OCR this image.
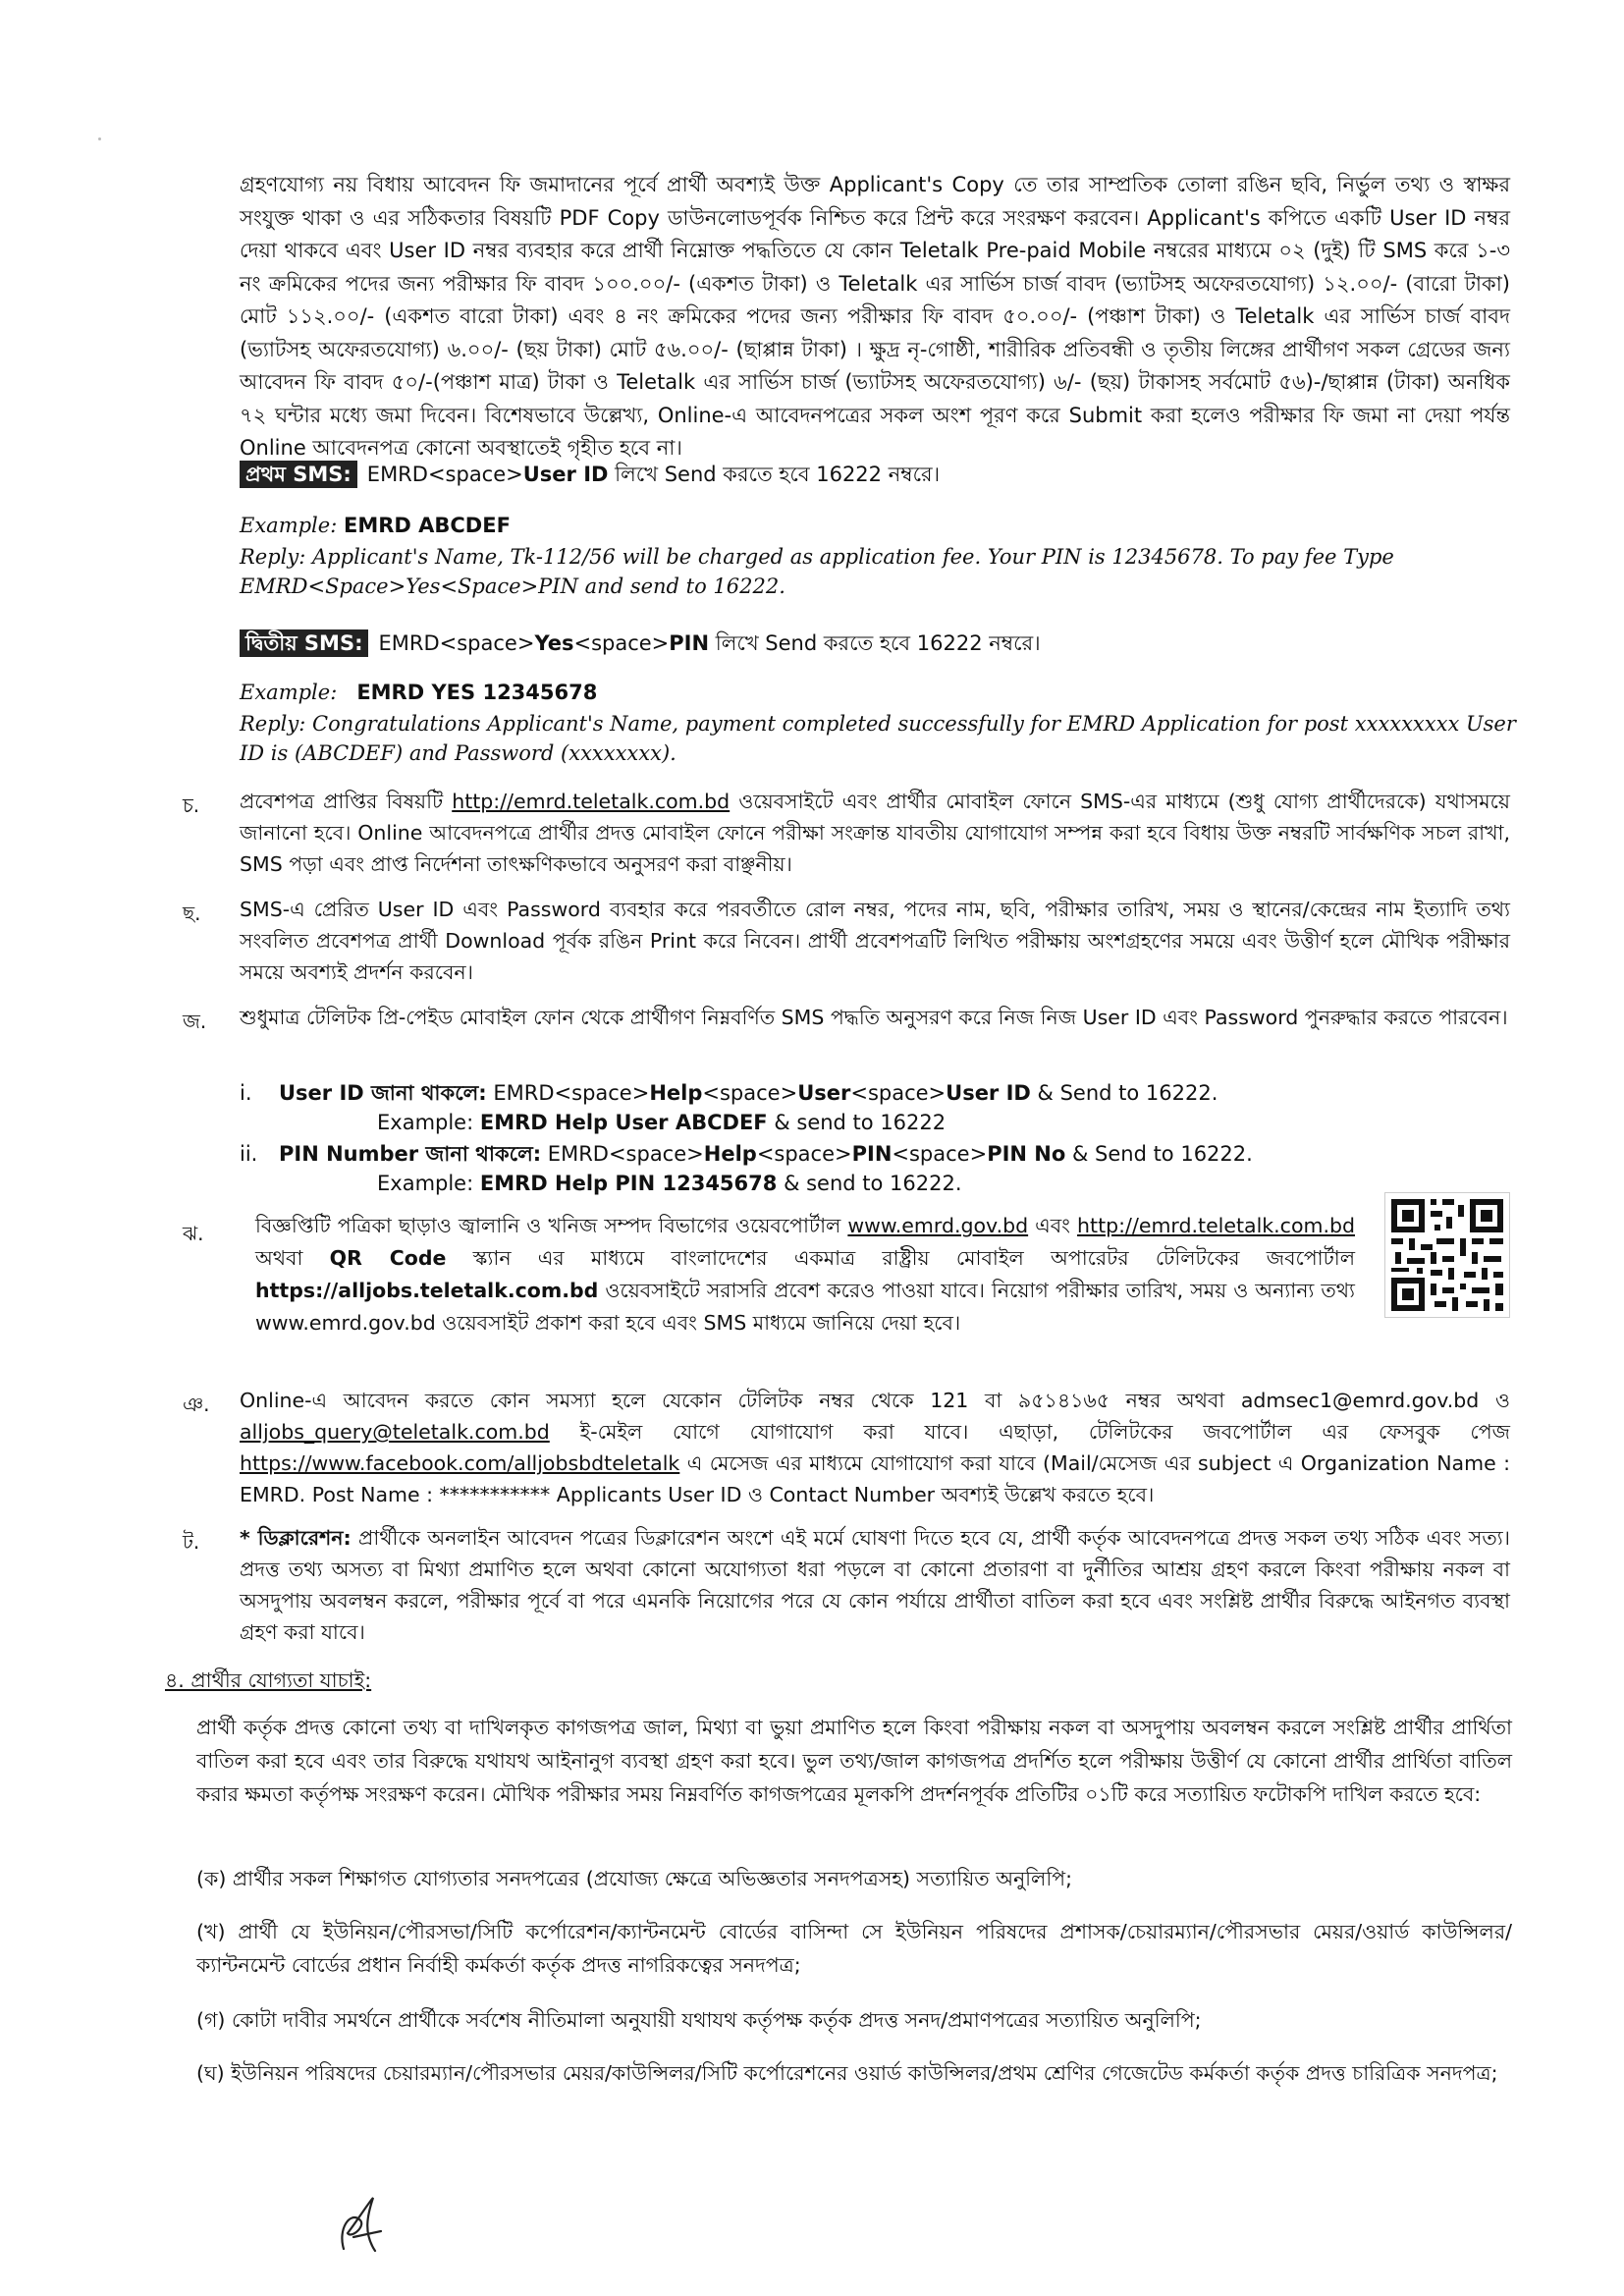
গ্রহণযোগ্য নয় বিধায় আবেদন ফি জমাদানের পূর্বে প্রার্থী অবশ্যই উক্ত Applicant's Copy তে তার সাম্প্রতিক তোলা রঙিন ছবি, নির্ভুল তথ্য ও স্বাক্ষর সংযুক্ত থাকা ও এর সঠিকতার বিষয়টি PDF Copy ডাউনলোডপূর্বক নিশ্চিত করে প্রিন্ট করে সংরক্ষণ করবেন। Applicant's কপিতে একটি User ID নম্বর দেয়া থাকবে এবং User ID নম্বর ব্যবহার করে প্রার্থী নিম্নোক্ত পদ্ধতিতে যে কোন Teletalk Pre-paid Mobile নম্বরের মাধ্যমে ০২ (দুই) টি SMS করে ১-৩ নং ক্রমিকের পদের জন্য পরীক্ষার ফি বাবদ ১০০.০০/- (একশত টাকা) ও Teletalk এর সার্ভিস চার্জ বাবদ (ভ্যাটসহ অফেরতযোগ্য) ১২.০০/- (বারো টাকা) মোট ১১২.০০/- (একশত বারো টাকা) এবং ৪ নং ক্রমিকের পদের জন্য পরীক্ষার ফি বাবদ ৫০.০০/- (পঞ্চাশ টাকা) ও Teletalk এর সার্ভিস চার্জ বাবদ (ভ্যাটসহ অফেরতযোগ্য) ৬.০০/- (ছয় টাকা) মোট ৫৬.০০/- (ছাপ্পান্ন টাকা) । ক্ষুদ্র নৃ-গোষ্ঠী, শারীরিক প্রতিবন্ধী ও তৃতীয় লিঙ্গের প্রার্থীগণ সকল গ্রেডের জন্য আবেদন ফি বাবদ ৫০/-(পঞ্চাশ মাত্র) টাকা ও Teletalk এর সার্ভিস চার্জ (ভ্যাটসহ অফেরতযোগ্য) ৬/- (ছয়) টাকাসহ সর্বমোট ৫৬)-/ছাপ্পান্ন (টাকা) অনধিক ৭২ ঘন্টার মধ্যে জমা দিবেন। বিশেষভাবে উল্লেখ্য, Online-এ আবেদনপত্রের সকল অংশ পূরণ করে Submit করা হলেও পরীক্ষার ফি জমা না দেয়া পর্যন্ত Online আবেদনপত্র কোনো অবস্থাতেই গৃহীত হবে না।

প্রথম SMS: EMRD<space>User ID লিখে Send করতে হবে 16222 নম্বরে।
Example: EMRD ABCDEF
Reply: Applicant's Name, Tk-112/56 will be charged as application fee. Your PIN is 12345678. To pay fee Type EMRD<Space>Yes<Space>PIN and send to 16222.
দ্বিতীয় SMS: EMRD<space>Yes<space>PIN লিখে Send করতে হবে 16222 নম্বরে।
Example: EMRD YES 12345678
Reply: Congratulations Applicant's Name, payment completed successfully for EMRD Application for post xxxxxxxxx User ID is (ABCDEF) and Password (xxxxxxxx).
চ. প্রবেশপত্র প্রাপ্তির বিষয়টি http://emrd.teletalk.com.bd ওয়েবসাইটে এবং প্রার্থীর মোবাইল ফোনে SMS-এর মাধ্যমে (শুধু যোগ্য প্রার্থীদেরকে) যথাসময়ে জানানো হবে। Online আবেদনপত্রে প্রার্থীর প্রদত্ত মোবাইল ফোনে পরীক্ষা সংক্রান্ত যাবতীয় যোগাযোগ সম্পন্ন করা হবে বিধায় উক্ত নম্বরটি সার্বক্ষণিক সচল রাখা, SMS পড়া এবং প্রাপ্ত নির্দেশনা তাৎক্ষণিকভাবে অনুসরণ করা বাঞ্ছনীয়।
ছ. SMS-এ প্রেরিত User ID এবং Password ব্যবহার করে পরবর্তীতে রোল নম্বর, পদের নাম, ছবি, পরীক্ষার তারিখ, সময় ও স্থানের/কেন্দ্রের নাম ইত্যাদি তথ্য সংবলিত প্রবেশপত্র প্রার্থী Download পূর্বক রঙিন Print করে নিবেন। প্রার্থী প্রবেশপত্রটি লিখিত পরীক্ষায় অংশগ্রহণের সময়ে এবং উত্তীর্ণ হলে মৌখিক পরীক্ষার সময়ে অবশ্যই প্রদর্শন করবেন।
জ. শুধুমাত্র টেলিটক প্রি-পেইড মোবাইল ফোন থেকে প্রার্থীগণ নিম্নবর্ণিত SMS পদ্ধতি অনুসরণ করে নিজ নিজ User ID এবং Password পুনরুদ্ধার করতে পারবেন।
i. User ID জানা থাকলে: EMRD<space>Help<space>User<space>User ID & Send to 16222.
Example: EMRD Help User ABCDEF & send to 16222
ii. PIN Number জানা থাকলে: EMRD<space>Help<space>PIN<space>PIN No & Send to 16222.
Example: EMRD Help PIN 12345678 & send to 16222.
ঝ.	বিজ্ঞপ্তিটি পত্রিকা ছাড়াও জ্বালানি ও খনিজ সম্পদ বিভাগের ওয়েবপোর্টাল www.emrd.gov.bd এবং http://emrd.teletalk.com.bd অথবা QR Code স্ক্যান এর মাধ্যমে বাংলাদেশের একমাত্র রাষ্ট্রীয় মোবাইল অপারেটর টেলিটকের জবপোর্টাল https://alljobs.teletalk.com.bd ওয়েবসাইটে সরাসরি প্রবেশ করেও পাওয়া যাবে। নিয়োগ পরীক্ষার তারিখ, সময় ও অন্যান্য তথ্য www.emrd.gov.bd ওয়েবসাইট প্রকাশ করা হবে এবং SMS মাধ্যমে জানিয়ে দেয়া হবে।
ঞ. Online-এ আবেদন করতে কোন সমস্যা হলে যেকোন টেলিটক নম্বর থেকে 121 বা ৯৫১৪১৬৫ নম্বর অথবা admsec1@emrd.gov.bd ও alljobs_query@teletalk.com.bd ই-মেইল যোগে যোগাযোগ করা যাবে। এছাড়া, টেলিটকের জবপোর্টাল এর ফেসবুক পেজ https://www.facebook.com/alljobsbdteletalk এ মেসেজ এর মাধ্যমে যোগাযোগ করা যাবে (Mail/মেসেজ এর subject এ Organization Name : EMRD. Post Name : *********** Applicants User ID ও Contact Number অবশ্যই উল্লেখ করতে হবে।
ট. * ডিক্লারেশন: প্রার্থীকে অনলাইন আবেদন পত্রের ডিক্লারেশন অংশে এই মর্মে ঘোষণা দিতে হবে যে, প্রার্থী কর্তৃক আবেদনপত্রে প্রদত্ত সকল তথ্য সঠিক এবং সত্য। প্রদত্ত তথ্য অসত্য বা মিথ্যা প্রমাণিত হলে অথবা কোনো অযোগ্যতা ধরা পড়লে বা কোনো প্রতারণা বা দুর্নীতির আশ্রয় গ্রহণ করলে কিংবা পরীক্ষায় নকল বা অসদুপায় অবলম্বন করলে, পরীক্ষার পূর্বে বা পরে এমনকি নিয়োগের পরে যে কোন পর্যায়ে প্রার্থীতা বাতিল করা হবে এবং সংশ্লিষ্ট প্রার্থীর বিরুদ্ধে আইনগত ব্যবস্থা গ্রহণ করা যাবে।
৪. প্রার্থীর যোগ্যতা যাচাই:
প্রার্থী কর্তৃক প্রদত্ত কোনো তথ্য বা দাখিলকৃত কাগজপত্র জাল, মিথ্যা বা ভুয়া প্রমাণিত হলে কিংবা পরীক্ষায় নকল বা অসদুপায় অবলম্বন করলে সংশ্লিষ্ট প্রার্থীর প্রার্থিতা বাতিল করা হবে এবং তার বিরুদ্ধে যথাযথ আইনানুগ ব্যবস্থা গ্রহণ করা হবে। ভুল তথ্য/জাল কাগজপত্র প্রদর্শিত হলে পরীক্ষায় উত্তীর্ণ যে কোনো প্রার্থীর প্রার্থিতা বাতিল করার ক্ষমতা কর্তৃপক্ষ সংরক্ষণ করেন। মৌখিক পরীক্ষার সময় নিম্নবর্ণিত কাগজপত্রের মূলকপি প্রদর্শনপূর্বক প্রতিটির ০১টি করে সত্যায়িত ফটোকপি দাখিল করতে হবে:
(ক) প্রার্থীর সকল শিক্ষাগত যোগ্যতার সনদপত্রের (প্রযোজ্য ক্ষেত্রে অভিজ্ঞতার সনদপত্রসহ) সত্যায়িত অনুলিপি;
(খ) প্রার্থী যে ইউনিয়ন/পৌরসভা/সিটি কর্পোরেশন/ক্যান্টনমেন্ট বোর্ডের বাসিন্দা সে ইউনিয়ন পরিষদের প্রশাসক/চেয়ারম্যান/পৌরসভার মেয়র/ওয়ার্ড কাউন্সিলর/ক্যান্টনমেন্ট বোর্ডের প্রধান নির্বাহী কর্মকর্তা কর্তৃক প্রদত্ত নাগরিকত্বের সনদপত্র;
(গ) কোটা দাবীর সমর্থনে প্রার্থীকে সর্বশেষ নীতিমালা অনুযায়ী যথাযথ কর্তৃপক্ষ কর্তৃক প্রদত্ত সনদ/প্রমাণপত্রের সত্যায়িত অনুলিপি;
(ঘ) ইউনিয়ন পরিষদের চেয়ারম্যান/পৌরসভার মেয়র/কাউন্সিলর/সিটি কর্পোরেশনের ওয়ার্ড কাউন্সিলর/প্রথম শ্রেণির গেজেটেড কর্মকর্তা কর্তৃক প্রদত্ত চারিত্রিক সনদপত্র;
